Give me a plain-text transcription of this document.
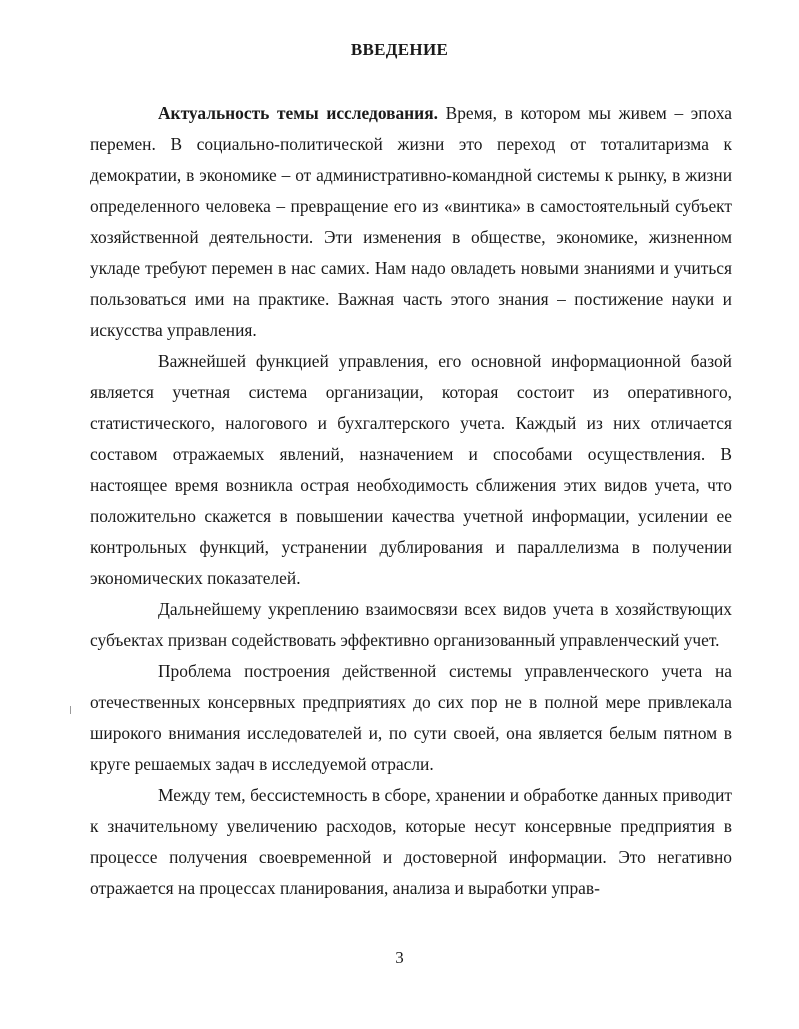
ВВЕДЕНИЕ

Актуальность темы исследования. Время, в котором мы живем – эпоха перемен. В социально-политической жизни это переход от тоталитаризма к демократии, в экономике – от административно-командной системы к рынку, в жизни определенного человека – превращение его из «винтика» в самостоятельный субъект хозяйственной деятельности. Эти изменения в обществе, экономике, жизненном укладе требуют перемен в нас самих. Нам надо овладеть новыми знаниями и учиться пользоваться ими на практике. Важная часть этого знания – постижение науки и искусства управления.

Важнейшей функцией управления, его основной информационной базой является учетная система организации, которая состоит из оперативного, статистического, налогового и бухгалтерского учета. Каждый из них отличается составом отражаемых явлений, назначением и способами осуществления. В настоящее время возникла острая необходимость сближения этих видов учета, что положительно скажется в повышении качества учетной информации, усилении ее контрольных функций, устранении дублирования и параллелизма в получении экономических показателей.

Дальнейшему укреплению взаимосвязи всех видов учета в хозяйствующих субъектах призван содействовать эффективно организованный управленческий учет.

Проблема построения действенной системы управленческого учета на отечественных консервных предприятиях до сих пор не в полной мере привлекала широкого внимания исследователей и, по сути своей, она является белым пятном в круге решаемых задач в исследуемой отрасли.

Между тем, бессистемность в сборе, хранении и обработке данных приводит к значительному увеличению расходов, которые несут консервные предприятия в процессе получения своевременной и достоверной информации. Это негативно отражается на процессах планирования, анализа и выработки управ-

3
